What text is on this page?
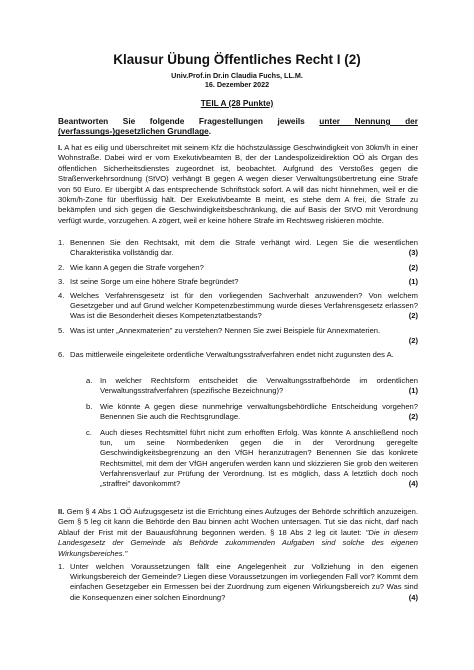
Klausur Übung Öffentliches Recht I (2)
Univ.Prof.in Dr.in Claudia Fuchs, LL.M.
16. Dezember 2022
TEIL A (28 Punkte)
Beantworten Sie folgende Fragestellungen jeweils unter Nennung der (verfassungs-)gesetzlichen Grundlage.
I. A hat es eilig und überschreitet mit seinem Kfz die höchstzulässige Geschwindigkeit von 30km/h in einer Wohnstraße. Dabei wird er vom Exekutivbeamten B, der der Landespolizeidirektion OÖ als Organ des öffentlichen Sicherheitsdienstes zugeordnet ist, beobachtet. Aufgrund des Verstoßes gegen die Straßenverkehrsordnung (StVO) verhängt B gegen A wegen dieser Verwaltungsübertretung eine Strafe von 50 Euro. Er übergibt A das entsprechende Schriftstück sofort. A will das nicht hinnehmen, weil er die 30km/h-Zone für überflüssig hält. Der Exekutivbeamte B meint, es stehe dem A frei, die Strafe zu bekämpfen und sich gegen die Geschwindigkeitsbeschränkung, die auf Basis der StVO mit Verordnung verfügt wurde, vorzugehen. A zögert, weil er keine höhere Strafe im Rechtsweg riskieren möchte.
1. Benennen Sie den Rechtsakt, mit dem die Strafe verhängt wird. Legen Sie die wesentlichen Charakteristika vollständig dar.	(3)
2. Wie kann A gegen die Strafe vorgehen?	(2)
3. Ist seine Sorge um eine höhere Strafe begründet?	(1)
4. Welches Verfahrensgesetz ist für den vorliegenden Sachverhalt anzuwenden? Von welchem Gesetzgeber und auf Grund welcher Kompetenzbestimmung wurde dieses Verfahrensgesetz erlassen? Was ist die Besonderheit dieses Kompetenztatbestands?	(2)
5. Was ist unter „Annexmaterien" zu verstehen? Nennen Sie zwei Beispiele für Annexmaterien.
(2)
6. Das mittlerweile eingeleitete ordentliche Verwaltungsstrafverfahren endet nicht zugunsten des A.
a. In welcher Rechtsform entscheidet die Verwaltungsstrafbehörde im ordentlichen Verwaltungsstrafverfahren (spezifische Bezeichnung)?	(1)
b. Wie könnte A gegen diese nunmehrige verwaltungsbehördliche Entscheidung vorgehen? Benennen Sie auch die Rechtsgrundlage.	(2)
c. Auch dieses Rechtsmittel führt nicht zum erhofften Erfolg. Was könnte A anschließend noch tun, um seine Normbedenken gegen die in der Verordnung geregelte Geschwindigkeitsbegrenzung an den VfGH heranzutragen? Benennen Sie das konkrete Rechtsmittel, mit dem der VfGH angerufen werden kann und skizzieren Sie grob den weiteren Verfahrensverlauf zur Prüfung der Verordnung. Ist es möglich, dass A letztlich doch noch „straffrei" davonkommt?	(4)
II. Gem § 4 Abs 1 OÖ Aufzugsgesetz ist die Errichtung eines Aufzuges der Behörde schriftlich anzuzeigen. Gem § 5 leg cit kann die Behörde den Bau binnen acht Wochen untersagen. Tut sie das nicht, darf nach Ablauf der Frist mit der Bauausführung begonnen werden. § 18 Abs 2 leg cit lautet: "Die in diesem Landesgesetz der Gemeinde als Behörde zukommenden Aufgaben sind solche des eigenen Wirkungsbereiches."
1. Unter welchen Voraussetzungen fällt eine Angelegenheit zur Vollziehung in den eigenen Wirkungsbereich der Gemeinde? Liegen diese Voraussetzungen im vorliegenden Fall vor? Kommt dem einfachen Gesetzgeber ein Ermessen bei der Zuordnung zum eigenen Wirkungsbereich zu? Was sind die Konsequenzen einer solchen Einordnung?	(4)
